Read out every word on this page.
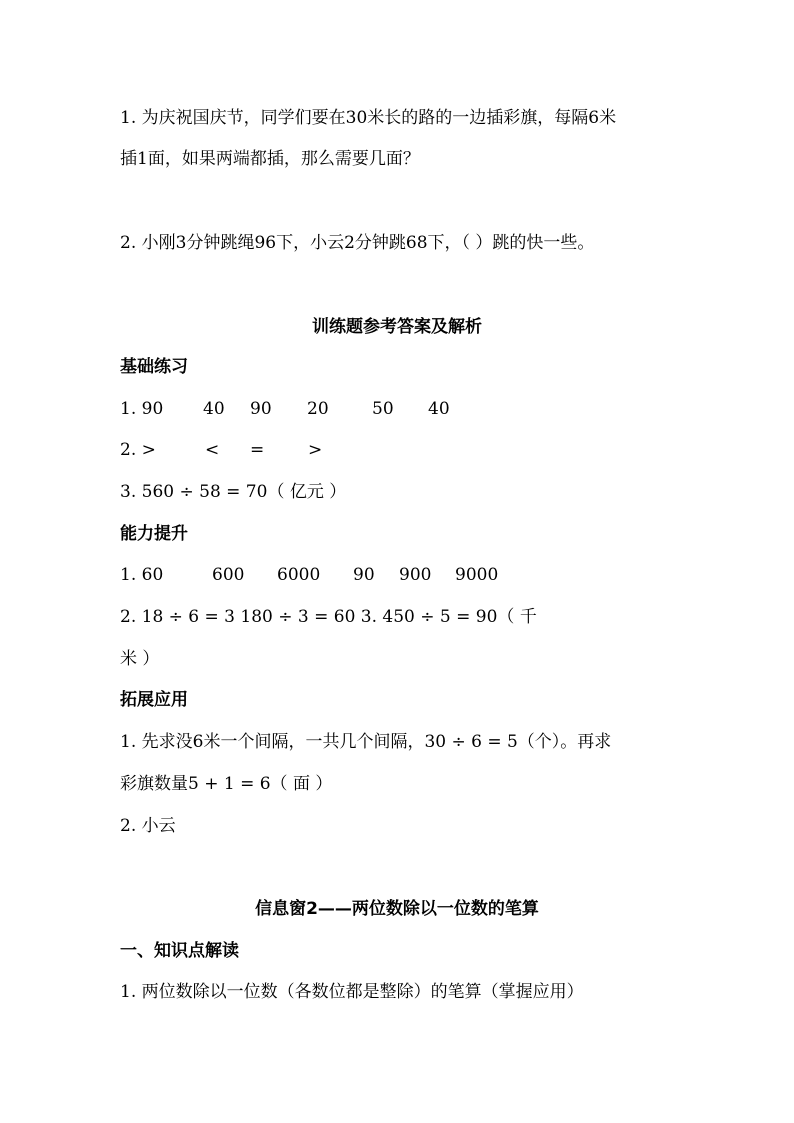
1. 为庆祝国庆节，同学们要在30米长的路的一边插彩旗，每隔6米
插1面，如果两端都插，那么需要几面？
2. 小刚3分钟跳绳96下，小云2分钟跳68下，（ ）跳的快一些。
训练题参考答案及解析
基础练习
1. 90 40 90 20	50 40
2. >	< =	>
3. 560 ÷ 58 = 70（ 亿元 ）
能力提升
1. 60	600 6000 90 900 9000
2. 18 ÷ 6 = 3 180 ÷ 3 = 60 3. 450 ÷ 5 = 90（ 千
米 ）
拓展应用
1. 先求没6米一个间隔，一共几个间隔，30 ÷ 6 = 5（个）。再求
彩旗数量5 + 1 = 6（ 面 ）
2. 小云
信息窗2——两位数除以一位数的笔算
一、知识点解读
1. 两位数除以一位数（各数位都是整除）的笔算（掌握应用）
